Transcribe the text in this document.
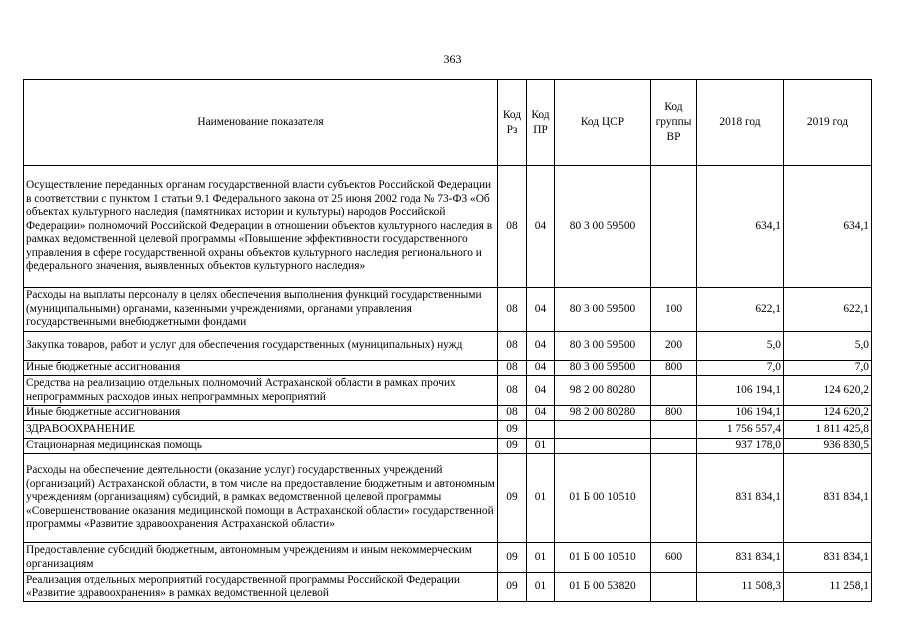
363
Наименование показателя	Код Рз	Код ПР	Код ЦСР	Код группы ВР	2018 год	2019 год
Осуществление переданных органам государственной власти субъектов Российской Федерации в соответствии с пунктом 1 статьи 9.1 Федерального закона от 25 июня 2002 года № 73-ФЗ «Об объектах культурного наследия (памятниках истории и культуры) народов Российской Федерации» полномочий Российской Федерации в отношении объектов культурного наследия в рамках ведомственной целевой программы «Повышение эффективности государственного управления в сфере государственной охраны объектов культурного наследия регионального и федерального значения, выявленных объектов культурного наследия»	08	04	80 3 00 59500		634,1	634,1
Расходы на выплаты персоналу в целях обеспечения выполнения функций государственными (муниципальными) органами, казенными учреждениями, органами управления государственными внебюджетными фондами	08	04	80 3 00 59500	100	622,1	622,1
Закупка товаров, работ и услуг для обеспечения государственных (муниципальных) нужд	08	04	80 3 00 59500	200	5,0	5,0
Иные бюджетные ассигнования	08	04	80 3 00 59500	800	7,0	7,0
Средства на реализацию отдельных полномочий Астраханской области в рамках прочих непрограммных расходов иных непрограммных мероприятий	08	04	98 2 00 80280		106 194,1	124 620,2
Иные бюджетные ассигнования	08	04	98 2 00 80280	800	106 194,1	124 620,2
ЗДРАВООХРАНЕНИЕ	09				1 756 557,4	1 811 425,8
Стационарная медицинская помощь	09	01			937 178,0	936 830,5
Расходы на обеспечение деятельности (оказание услуг) государственных учреждений (организаций) Астраханской области, в том числе на предоставление бюджетным и автономным учреждениям (организациям) субсидий, в рамках ведомственной целевой программы «Совершенствование оказания медицинской помощи в Астраханской области» государственной программы «Развитие здравоохранения Астраханской области»	09	01	01 Б 00 10510		831 834,1	831 834,1
Предоставление субсидий бюджетным, автономным учреждениям и иным некоммерческим организациям	09	01	01 Б 00 10510	600	831 834,1	831 834,1
Реализация отдельных мероприятий государственной программы Российской Федерации «Развитие здравоохранения» в рамках ведомственной целевой	09	01	01 Б 00 53820		11 508,3	11 258,1
